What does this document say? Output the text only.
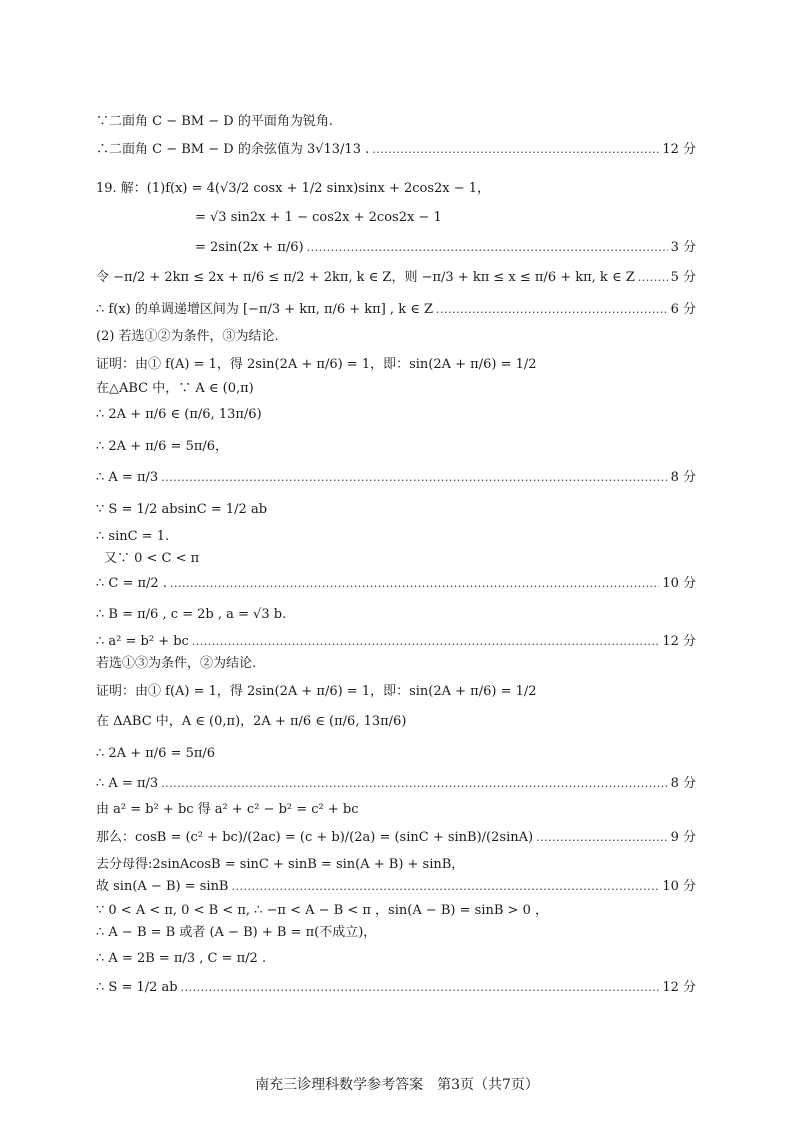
∵二面角 C − BM − D 的平面角为锐角.
∴二面角 C − BM − D 的余弦值为 3√13/13 . .....	12 分
19. 解：(1)f(x) = 4(√3/2 cosx + 1/2 sinx)sinx + 2cos2x − 1，
= √3 sin2x + 1 − cos2x + 2cos2x − 1
= 2sin(2x + π/6) .....	3 分
令 −π/2 + 2kπ ≤ 2x + π/6 ≤ π/2 + 2kπ, k ∈ Z，则 −π/3 + kπ ≤ x ≤ π/6 + kπ, k ∈ Z .....	5 分
∴ f(x) 的单调递增区间为 [−π/3 + kπ, π/6 + kπ] , k ∈ Z .....	6 分
(2) 若选①②为条件，③为结论.
证明：由① f(A) = 1，得 2sin(2A + π/6) = 1，即：sin(2A + π/6) = 1/2
在△ABC 中，∵ A ∈ (0,π)
∴ 2A + π/6 ∈ (π/6, 13π/6)
∴ 2A + π/6 = 5π/6，
∴ A = π/3 .....	8 分
∵ S = 1/2 absinC = 1/2 ab
∴ sinC = 1.
又∵ 0 < C < π
∴ C = π/2 . .....	10 分
∴ B = π/6 , c = 2b , a = √3 b.
∴ a² = b² + bc .....	12 分
若选①③为条件，②为结论.
证明：由① f(A) = 1，得 2sin(2A + π/6) = 1，即：sin(2A + π/6) = 1/2
在 ΔABC 中，A ∈ (0,π)，2A + π/6 ∈ (π/6, 13π/6)
∴ 2A + π/6 = 5π/6
∴ A = π/3 .....	8 分
由 a² = b² + bc 得 a² + c² − b² = c² + bc
那么：cosB = (c² + bc)/(2ac) = (c + b)/(2a) = (sinC + sinB)/(2sinA) .....	9 分
去分母得:2sinAcosB = sinC + sinB = sin(A + B) + sinB，
故 sin(A − B) = sinB .....	10 分
∵ 0 < A < π, 0 < B < π, ∴ −π < A − B < π ，sin(A − B) = sinB > 0 ，
∴ A − B = B 或者 (A − B) + B = π(不成立)，
∴ A = 2B = π/3 , C = π/2 .
∴ S = 1/2 ab .....	12 分
南充三诊理科数学参考答案　第3页（共7页）
